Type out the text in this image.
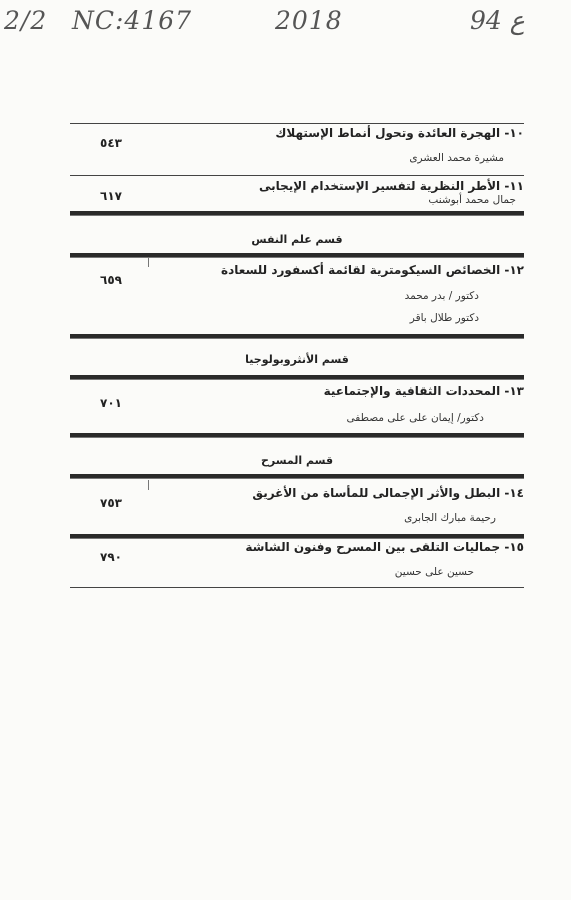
2/2 NC:4167	2018	94 ع
١٠- الهجرة العائدة وتحول أنماط الإستهلاك
مشيرة محمد العشرى
٥٤٣
١١- الأطر النظرية لتفسير الإستخدام الإيجابى
جمال محمد أبوشنب
٦١٧
قسم علم النفس
١٢- الخصائص السيكومترية لقائمة أكسفورد للسعادة
دكتور / بدر محمد
دكتور طلال باقر
٦٥٩
قسم الأنثروبولوجيا
١٣- المحددات الثقافية والإجتماعية
دكتور/ إيمان على على مصطفى
٧٠١
قسم المسرح
١٤- البطل والأثر الإجمالى للمأساة من الأغريق
رحيمة مبارك الجابرى
٧٥٣
١٥- جماليات التلقى بين المسرح وفنون الشاشة
حسين على حسين
٧٩٠
